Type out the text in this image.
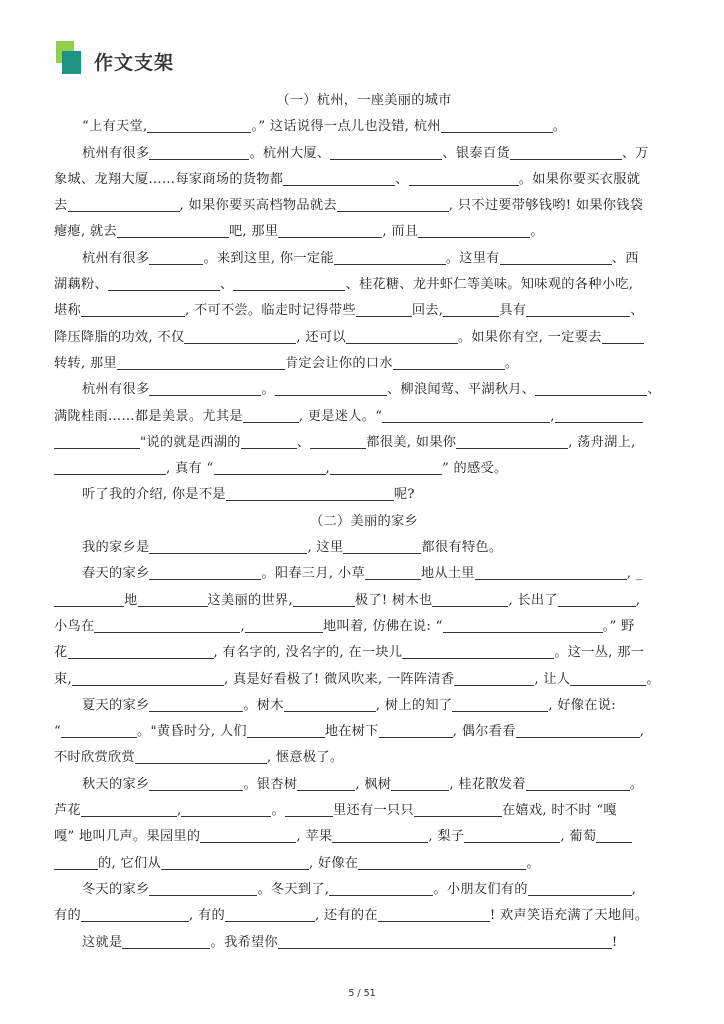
作文支架
（一）杭州，一座美丽的城市
“上有天堂,	。” 这话说得一点儿也没错, 杭州	。
杭州有很多	。杭州大厦、	、银泰百货	、万
象城、龙翔大厦……每家商场的货物都	、	。如果你要买衣服就
去	, 如果你要买高档物品就去	, 只不过要带够钱哟! 如果你钱袋
瘪瘪, 就去	吧, 那里	, 而且	。
杭州有很多	。来到这里, 你一定能	。这里有	、西
湖藕粉、	、	、桂花糖、龙井虾仁等美味。知味观的各种小吃,
堪称	, 不可不尝。临走时记得带些	回去,	具有	、
降压降脂的功效, 不仅	, 还可以	。如果你有空, 一定要去
转转, 那里	肯定会让你的口水	。
杭州有很多	。	、柳浪闻莺、平湖秋月、	、
满陇桂雨……都是美景。尤其是	, 更是迷人。“	,
"说的就是西湖的	、	都很美, 如果你	, 荡舟湖上,
, 真有 “	,	” 的感受。
听了我的介绍, 你是不是	呢?
（二）美丽的家乡
我的家乡是	, 这里	都很有特色。
春天的家乡	。阳春三月, 小草	地从土里	, _
地	这美丽的世界,	极了! 树木也	, 长出了	,
小鸟在	,	地叫着, 仿佛在说: “	。” 野
花	, 有名字的, 没名字的, 在一块儿	。这一丛, 那一
束,	, 真是好看极了! 微风吹来, 一阵阵清香	, 让人	。
夏天的家乡	。树木	, 树上的知了	, 好像在说:
“	。"黄昏时分, 人们	地在树下	, 偶尔看看	,
不时欣赏欣赏	, 惬意极了。
秋天的家乡	。银杏树	, 枫树	, 桂花散发着	。
芦花	,	。	里还有一只只	在嬉戏, 时不时 “嘎
嘎” 地叫几声。果园里的	, 苹果	, 梨子	, 葡萄
的, 它们从	, 好像在	。
冬天的家乡	。冬天到了,	。小朋友们有的	,
有的	, 有的	, 还有的在	! 欢声笑语充满了天地间。
这就是	。我希望你	!
5 / 51
